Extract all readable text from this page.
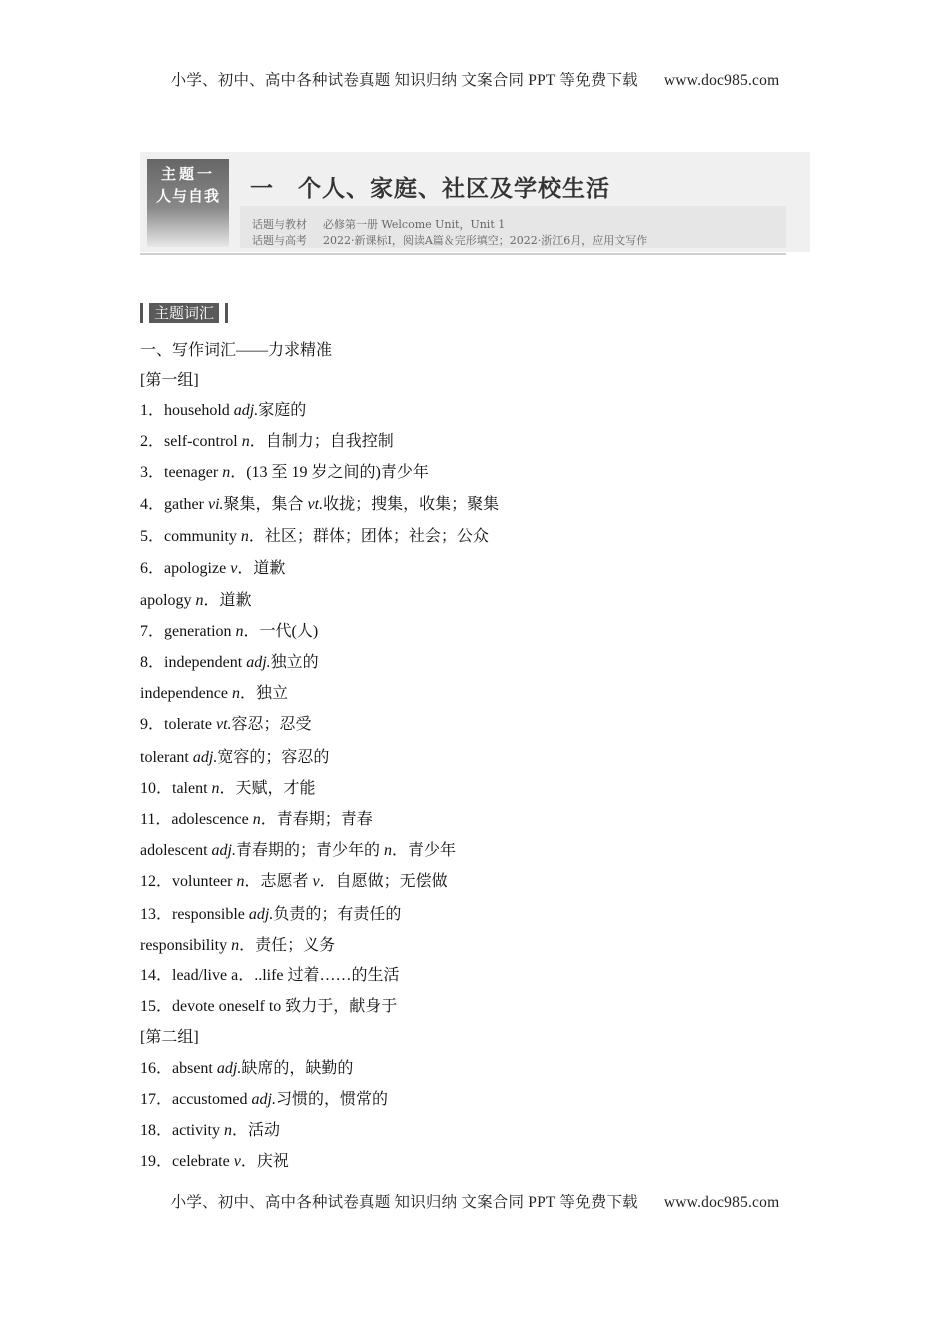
小学、初中、高中各种试卷真题 知识归纳 文案合同 PPT 等免费下载 www.doc985.com
主题一
人与自我	一 个人、家庭、社区及学校生活
话题与教材 必修第一册 Welcome Unit，Unit 1
话题与高考 2022·新课标Ⅰ，阅读A篇＆完形填空；2022·浙江6月，应用文写作
主题词汇
一、写作词汇——力求精准
[第一组]
1．household adj.家庭的
2．self-control n．自制力；自我控制
3．teenager n．(13 至 19 岁之间的)青少年
4．gather vi.聚集，集合 vt.收拢；搜集，收集；聚集
5．community n．社区；群体；团体；社会；公众
6．apologize v．道歉
apology n．道歉
7．generation n．一代(人)
8．independent adj.独立的
independence n．独立
9．tolerate vt.容忍；忍受
tolerant adj.宽容的；容忍的
10．talent n．天赋，才能
11．adolescence n．青春期；青春
adolescent adj.青春期的；青少年的 n．青少年
12．volunteer n．志愿者 v．自愿做；无偿做
13．responsible adj.负责的；有责任的
responsibility n．责任；义务
14．lead/live a．..life 过着……的生活
15．devote oneself to 致力于，献身于
[第二组]
16．absent adj.缺席的，缺勤的
17．accustomed adj.习惯的，惯常的
18．activity n．活动
19．celebrate v．庆祝
小学、初中、高中各种试卷真题 知识归纳 文案合同 PPT 等免费下载 www.doc985.com
